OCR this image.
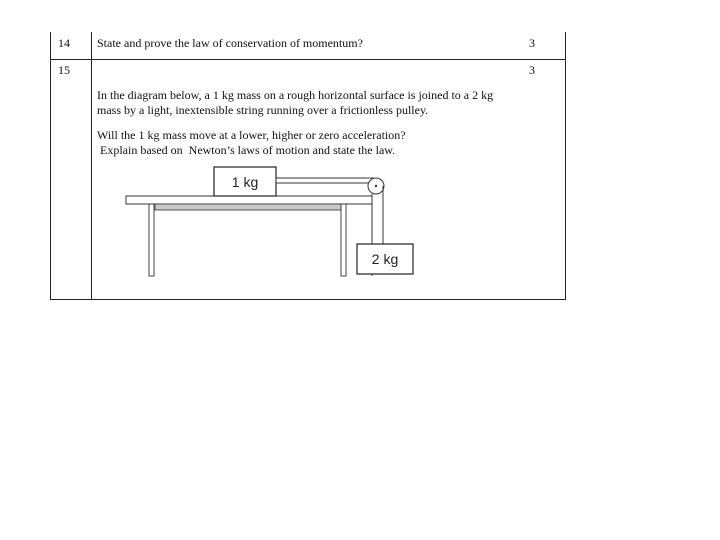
14 State and prove the law of conservation of momentum?	3
15	3

In the diagram below, a 1 kg mass on a rough horizontal surface is joined to a 2 kg

mass by a light, inextensible string running over a frictionless pulley.

Will the 1 kg mass move at a lower, higher or zero acceleration?

Explain based on  Newton’s laws of motion and state the law.

1 kg
2 kg
